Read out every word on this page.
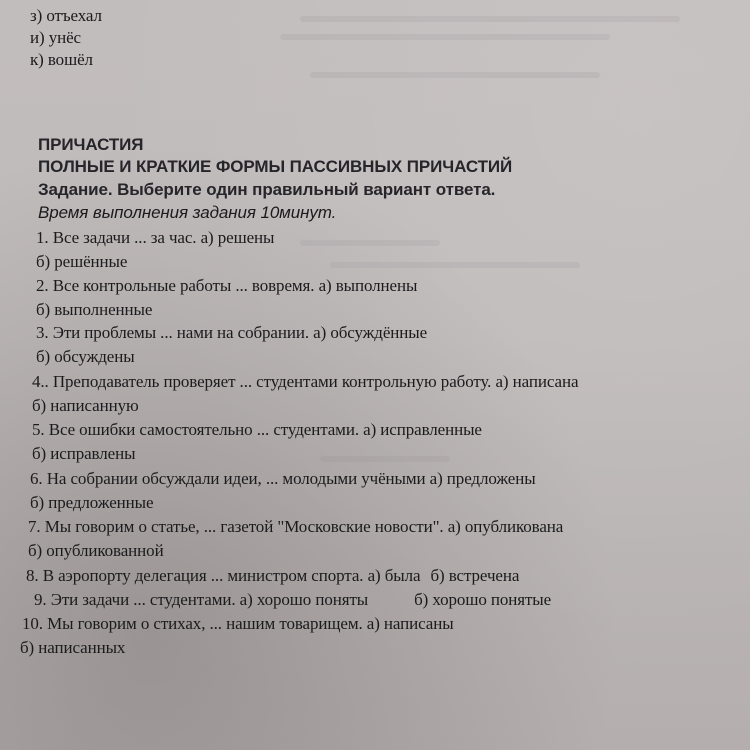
з) отъехал
и) унёс
к) вошёл
ПРИЧАСТИЯ
ПОЛНЫЕ И КРАТКИЕ ФОРМЫ ПАССИВНЫХ ПРИЧАСТИЙ
Задание. Выберите один правильный вариант ответа.
Время выполнения задания 10минут.
1. Все задачи ... за час. а) решены
б) решённые
2. Все контрольные работы ... вовремя. а) выполнены
б) выполненные
3. Эти проблемы ... нами на собрании. а) обсуждённые
б) обсуждены
4.. Преподаватель проверяет ... студентами контрольную работу. а) написана
б) написанную
5. Все ошибки самостоятельно ... студентами. а) исправленные
б) исправлены
6. На собрании обсуждали идеи, ... молодыми учёными а) предложены
б) предложенные
7. Мы говорим о статье, ... газетой "Московские новости". а) опубликована
б) опубликованной
8. В аэропорту делегация ... министром спорта. а) была б) встречена
9. Эти задачи ... студентами. а) хорошо поняты	б) хорошо понятые
10. Мы говорим о стихах, ... нашим товарищем. а) написаны
б) написанных
